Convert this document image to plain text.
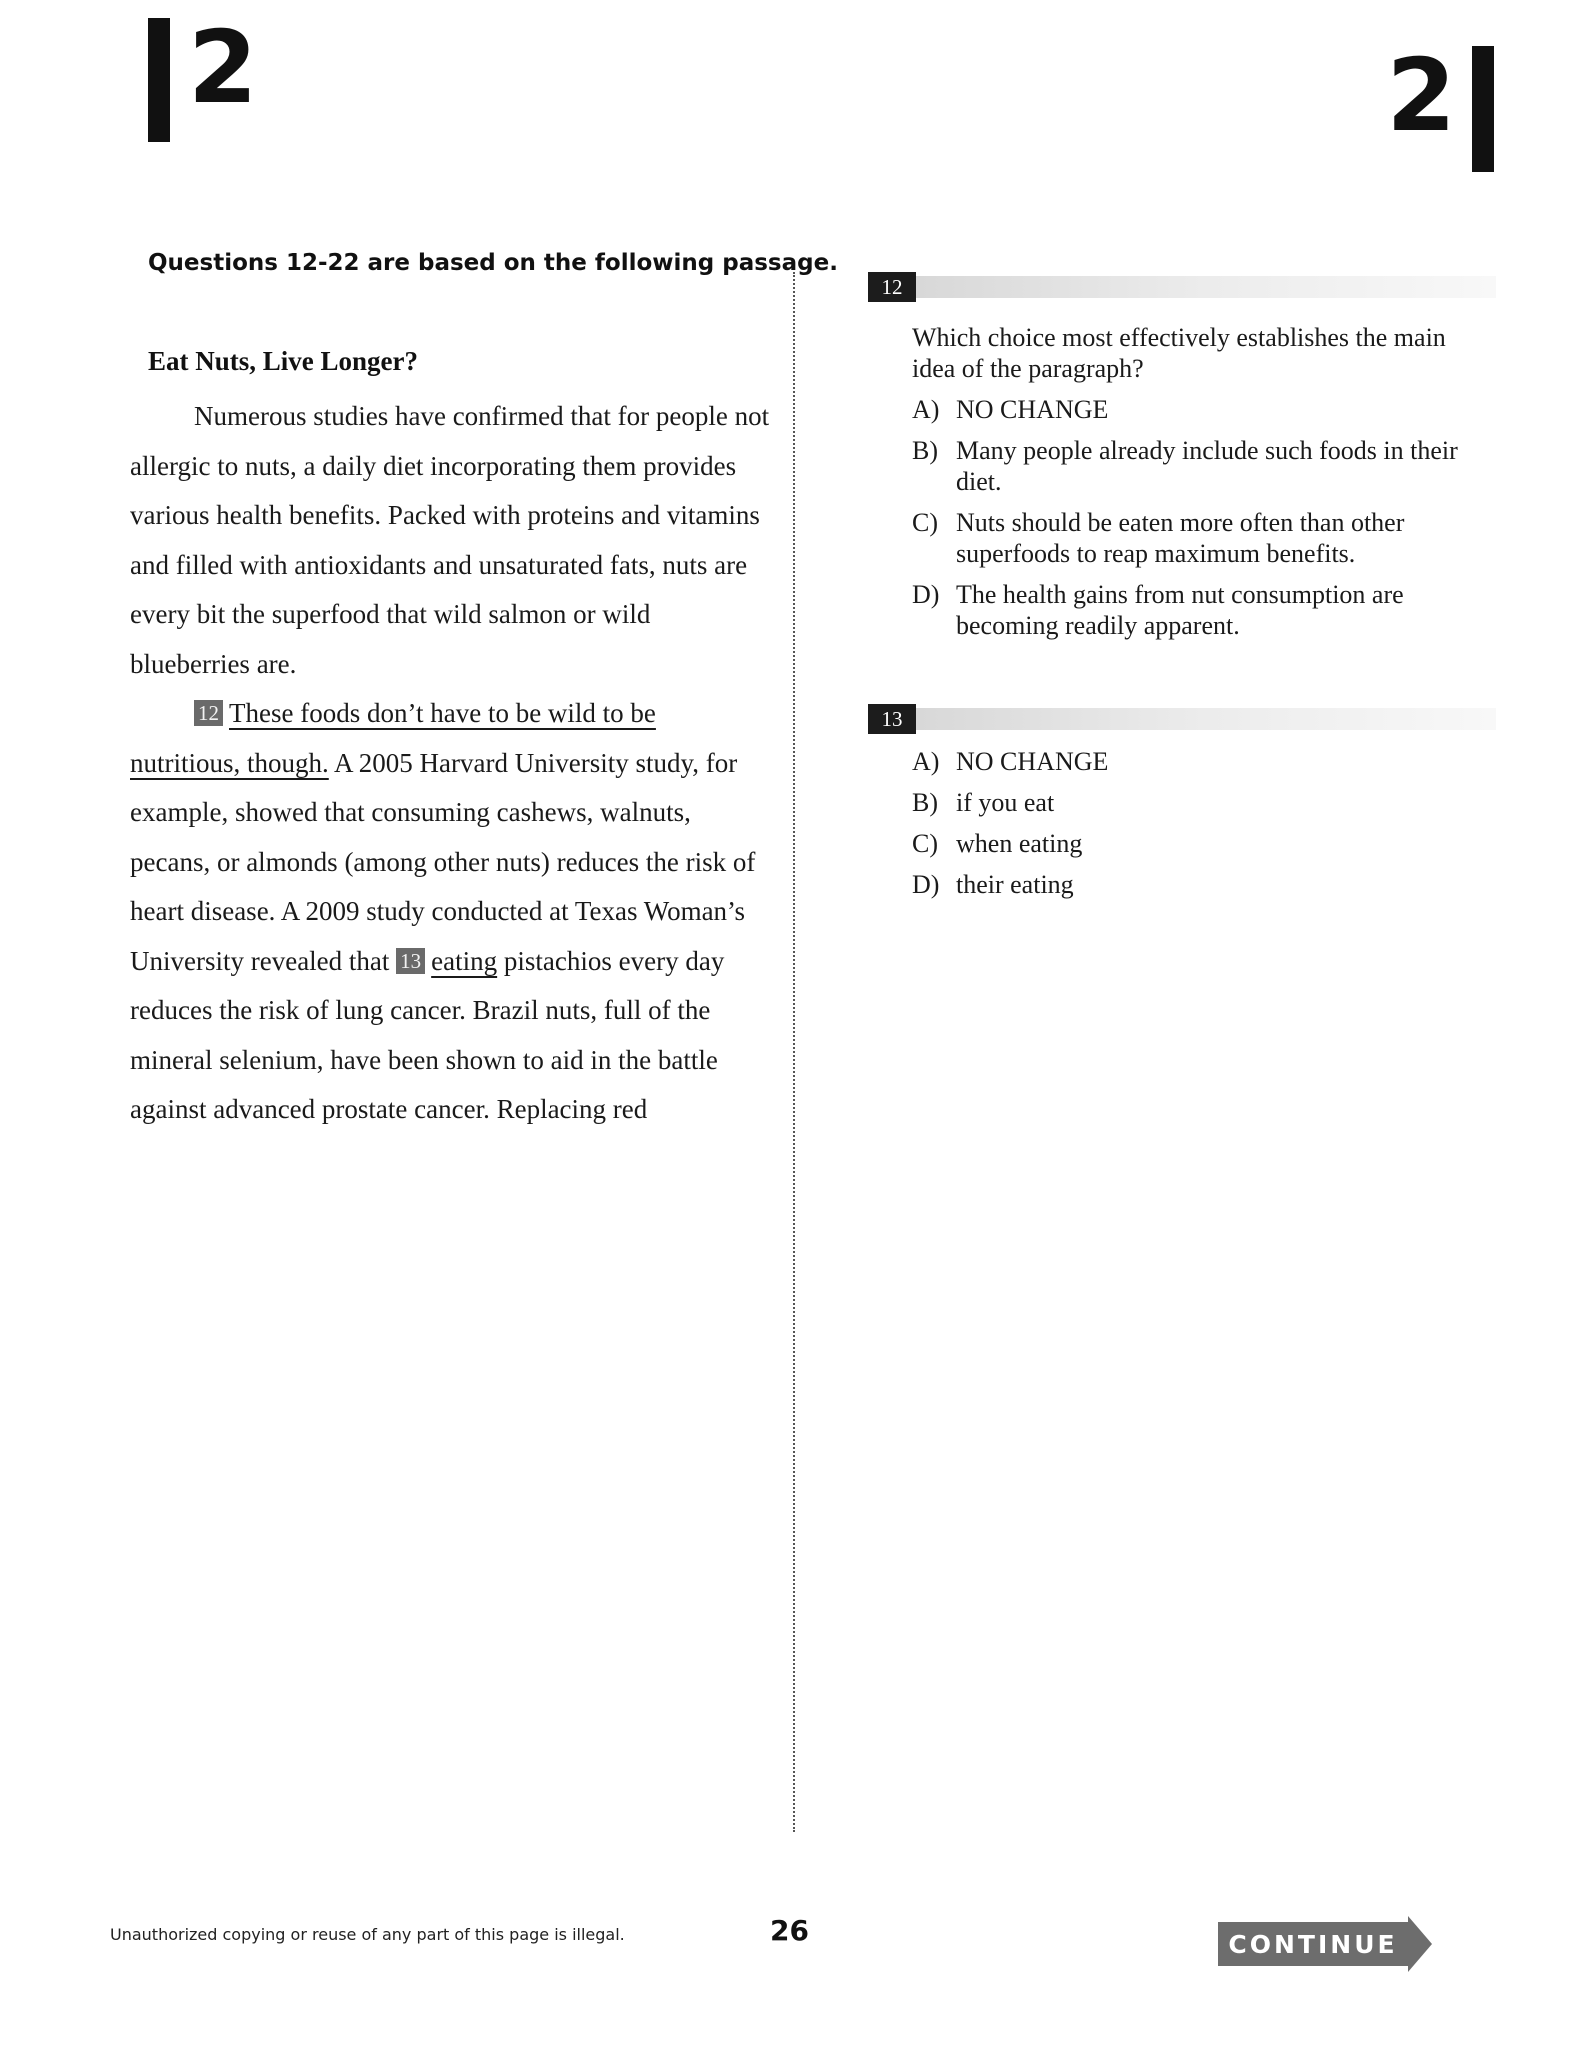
2	2
Questions 12-22 are based on the following passage.
Eat Nuts, Live Longer?

Numerous studies have confirmed that for people not allergic to nuts, a daily diet incorporating them provides various health benefits. Packed with proteins and vitamins and filled with antioxidants and unsaturated fats, nuts are every bit the superfood that wild salmon or wild blueberries are.

12 These foods don’t have to be wild to be nutritious, though. A 2005 Harvard University study, for example, showed that consuming cashews, walnuts, pecans, or almonds (among other nuts) reduces the risk of heart disease. A 2009 study conducted at Texas Woman’s University revealed that 13 eating pistachios every day reduces the risk of lung cancer. Brazil nuts, full of the mineral selenium, have been shown to aid in the battle against advanced prostate cancer. Replacing red

12

Which choice most effectively establishes the main idea of the paragraph?

A) NO CHANGE
B) Many people already include such foods in their diet.
C) Nuts should be eaten more often than other superfoods to reap maximum benefits.
D) The health gains from nut consumption are becoming readily apparent.
13
A) NO CHANGE
B) if you eat
C) when eating
D) their eating
Unauthorized copying or reuse of any part of this page is illegal.	26	CONTINUE
